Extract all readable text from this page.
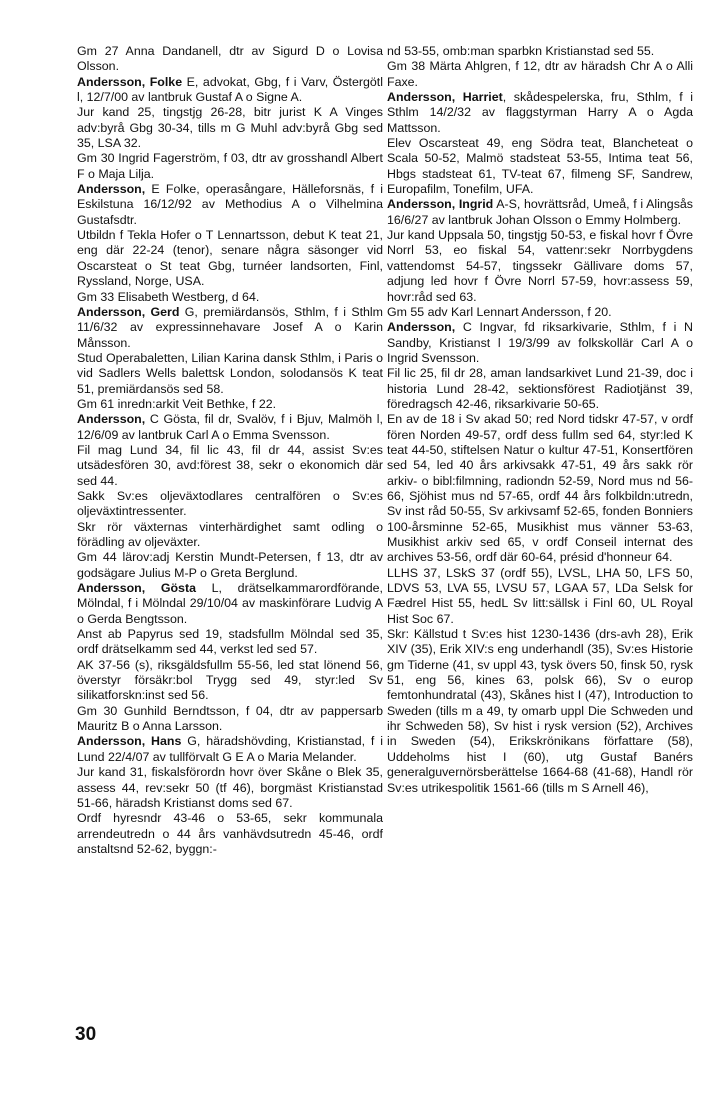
Gm 27 Anna Dandanell, dtr av Sigurd D o Lovisa Olsson.

Andersson, Folke E, advokat, Gbg, f i Varv, Östergötl l, 12/7/00 av lantbruk Gustaf A o Signe A.

Jur kand 25, tingstjg 26-28, bitr jurist K A Vinges adv:byrå Gbg 30-34, tills m G Muhl adv:byrå Gbg sed 35, LSA 32.

Gm 30 Ingrid Fagerström, f 03, dtr av grosshandl Albert F o Maja Lilja.

Andersson, E Folke, operasångare, Hälleforsnäs, f i Eskilstuna 16/12/92 av Methodius A o Vilhelmina Gustafsdtr.

Utbildn f Tekla Hofer o T Lennartsson, debut K teat 21, eng där 22-24 (tenor), senare några säsonger vid Oscarsteat o St teat Gbg, turnéer landsorten, Finl, Ryssland, Norge, USA.

Gm 33 Elisabeth Westberg, d 64.

Andersson, Gerd G, premiärdansös, Sthlm, f i Sthlm 11/6/32 av expressinnehavare Josef A o Karin Månsson.

Stud Operabaletten, Lilian Karina dansk Sthlm, i Paris o vid Sadlers Wells balettsk London, solodansös K teat 51, premiärdansös sed 58.

Gm 61 inredn:arkit Veit Bethke, f 22.

Andersson, C Gösta, fil dr, Svalöv, f i Bjuv, Malmöh l, 12/6/09 av lantbruk Carl A o Emma Svensson.

Fil mag Lund 34, fil lic 43, fil dr 44, assist Sv:es utsädesfören 30, avd:förest 38, sekr o ekonomich där sed 44.

Sakk Sv:es oljeväxtodlares centralfören o Sv:es oljeväxtintressenter.

Skr rör växternas vinterhärdighet samt odling o förädling av oljeväxter.

Gm 44 lärov:adj Kerstin Mundt-Petersen, f 13, dtr av godsägare Julius M-P o Greta Berglund.

Andersson, Gösta L, drätselkammarordförande, Mölndal, f i Mölndal 29/10/04 av maskinförare Ludvig A o Gerda Bengtsson.

Anst ab Papyrus sed 19, stadsfullm Mölndal sed 35, ordf drätselkamm sed 44, verkst led sed 57.

AK 37-56 (s), riksgäldsfullm 55-56, led stat lönend 56, överstyr försäkr:bol Trygg sed 49, styr:led Sv silikatforskn:inst sed 56.

Gm 30 Gunhild Berndtsson, f 04, dtr av pappersarb Mauritz B o Anna Larsson.

Andersson, Hans G, häradshövding, Kristianstad, f i Lund 22/4/07 av tullförvalt G E A o Maria Melander.

Jur kand 31, fiskalsförordn hovr över Skåne o Blek 35, assess 44, rev:sekr 50 (tf 46), borgmäst Kristianstad 51-66, häradsh Kristianst doms sed 67.

Ordf hyresndr 43-46 o 53-65, sekr kommunala arrendeutredn o 44 års vanhävdsutredn 45-46, ordf anstaltsnd 52-62, byggn:-

nd 53-55, omb:man sparbkn Kristianstad sed 55.

Gm 38 Märta Ahlgren, f 12, dtr av häradsh Chr A o Alli Faxe.

Andersson, Harriet, skådespelerska, fru, Sthlm, f i Sthlm 14/2/32 av flaggstyrman Harry A o Agda Mattsson.

Elev Oscarsteat 49, eng Södra teat, Blancheteat o Scala 50-52, Malmö stadsteat 53-55, Intima teat 56, Hbgs stadsteat 61, TV-teat 67, filmeng SF, Sandrew, Europafilm, Tonefilm, UFA.

Andersson, Ingrid A-S, hovrättsråd, Umeå, f i Alingsås 16/6/27 av lantbruk Johan Olsson o Emmy Holmberg.

Jur kand Uppsala 50, tingstjg 50-53, e fiskal hovr f Övre Norrl 53, eo fiskal 54, vattenr:sekr Norrbygdens vattendomst 54-57, tingssekr Gällivare doms 57, adjung led hovr f Övre Norrl 57-59, hovr:assess 59, hovr:råd sed 63.

Gm 55 adv Karl Lennart Andersson, f 20.

Andersson, C Ingvar, fd riksarkivarie, Sthlm, f i N Sandby, Kristianst l 19/3/99 av folkskollär Carl A o Ingrid Svensson.

Fil lic 25, fil dr 28, aman landsarkivet Lund 21-39, doc i historia Lund 28-42, sektionsförest Radiotjänst 39, föredragsch 42-46, riksarkivarie 50-65.

En av de 18 i Sv akad 50; red Nord tidskr 47-57, v ordf fören Norden 49-57, ordf dess fullm sed 64, styr:led K teat 44-50, stiftelsen Natur o kultur 47-51, Konsertfören sed 54, led 40 års arkivsakk 47-51, 49 års sakk rör arkiv- o bibl:filmning, radiondn 52-59, Nord mus nd 56-66, Sjöhist mus nd 57-65, ordf 44 års folkbildn:utredn, Sv inst råd 50-55, Sv arkivsamf 52-65, fonden Bonniers 100-årsminne 52-65, Musikhist mus vänner 53-63, Musikhist arkiv sed 65, v ordf Conseil internat des archives 53-56, ordf där 60-64, présid d'honneur 64.

LLHS 37, LSkS 37 (ordf 55), LVSL, LHA 50, LFS 50, LDVS 53, LVA 55, LVSU 57, LGAA 57, LDa Selsk for Fædrel Hist 55, hedL Sv litt:sällsk i Finl 60, UL Royal Hist Soc 67.

Skr: Källstud t Sv:es hist 1230-1436 (drs-avh 28), Erik XIV (35), Erik XIV:s eng underhandl (35), Sv:es Historie gm Tiderne (41, sv uppl 43, tysk övers 50, finsk 50, rysk 51, eng 56, kines 63, polsk 66), Sv o europ femtonhundratal (43), Skånes hist I (47), Introduction to Sweden (tills m a 49, ty omarb uppl Die Schweden und ihr Schweden 58), Sv hist i rysk version (52), Archives in Sweden (54), Erikskrönikans författare (58), Uddeholms hist I (60), utg Gustaf Banérs generalguvernörsberättelse 1664-68 (41-68), Handl rör Sv:es utrikespolitik 1561-66 (tills m S Arnell 46),

30
